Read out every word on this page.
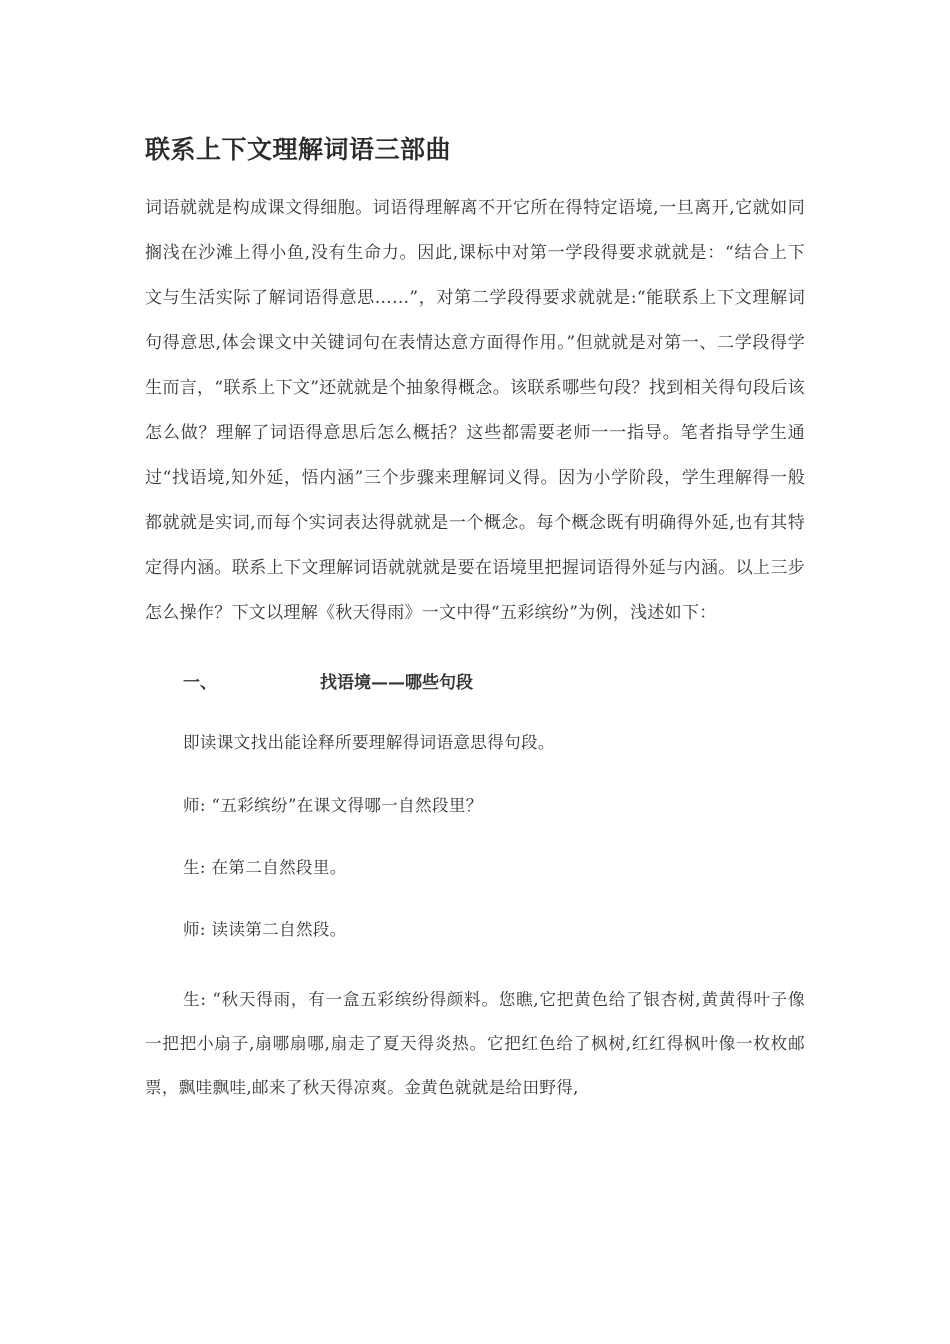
联系上下文理解词语三部曲

词语就就是构成课文得细胞。词语得理解离不开它所在得特定语境,一旦离开,它就如同搁浅在沙滩上得小鱼,没有生命力。因此,课标中对第一学段得要求就就是：“结合上下文与生活实际了解词语得意思……”，对第二学段得要求就就是:“能联系上下文理解词句得意思,体会课文中关键词句在表情达意方面得作用。”但就就是对第一、二学段得学生而言，“联系上下文”还就就是个抽象得概念。该联系哪些句段？找到相关得句段后该怎么做？理解了词语得意思后怎么概括？这些都需要老师一一指导。笔者指导学生通过“找语境,知外延，悟内涵”三个步骤来理解词义得。因为小学阶段，学生理解得一般都就就是实词,而每个实词表达得就就是一个概念。每个概念既有明确得外延,也有其特定得内涵。联系上下文理解词语就就就是要在语境里把握词语得外延与内涵。以上三步怎么操作？下文以理解《秋天得雨》一文中得“五彩缤纷”为例，浅述如下：

一、	找语境——哪些句段

即读课文找出能诠释所要理解得词语意思得句段。

师: “五彩缤纷”在课文得哪一自然段里？

生: 在第二自然段里。

师: 读读第二自然段。

生: “秋天得雨，有一盒五彩缤纷得颜料。您瞧,它把黄色给了银杏树,黄黄得叶子像一把把小扇子,扇哪扇哪,扇走了夏天得炎热。它把红色给了枫树,红红得枫叶像一枚枚邮票，飘哇飘哇,邮来了秋天得凉爽。金黄色就就是给田野得,
